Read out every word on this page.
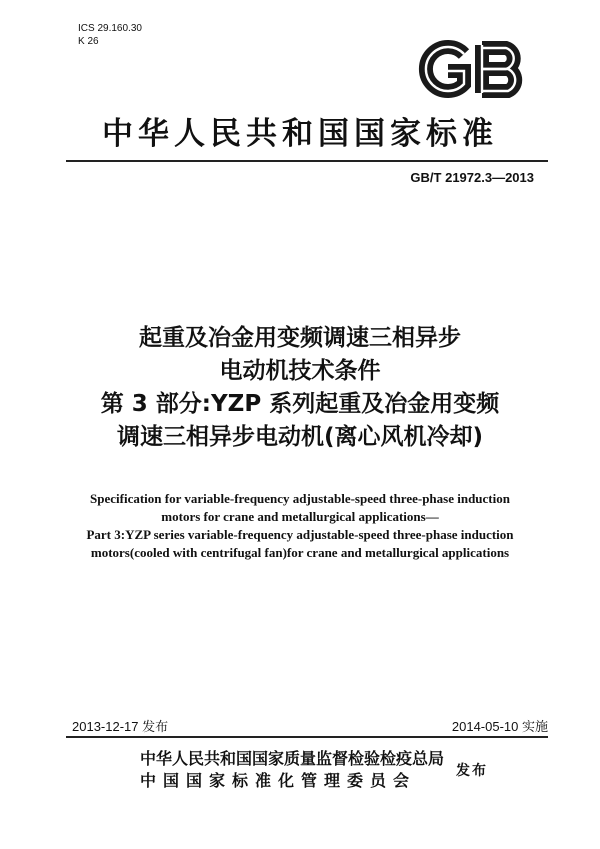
ICS 29.160.30
K 26
中华人民共和国国家标准
GB/T 21972.3—2013
起重及冶金用变频调速三相异步
电动机技术条件
第 3 部分:YZP 系列起重及冶金用变频
调速三相异步电动机(离心风机冷却)
Specification for variable-frequency adjustable-speed three-phase induction
motors for crane and metallurgical applications—
Part 3:YZP series variable-frequency adjustable-speed three-phase induction
motors(cooled with centrifugal fan)for crane and metallurgical applications
2013-12-17 发布	2014-05-10 实施
中华人民共和国国家质量监督检验检疫总局
中国国家标准化管理委员会	发布
